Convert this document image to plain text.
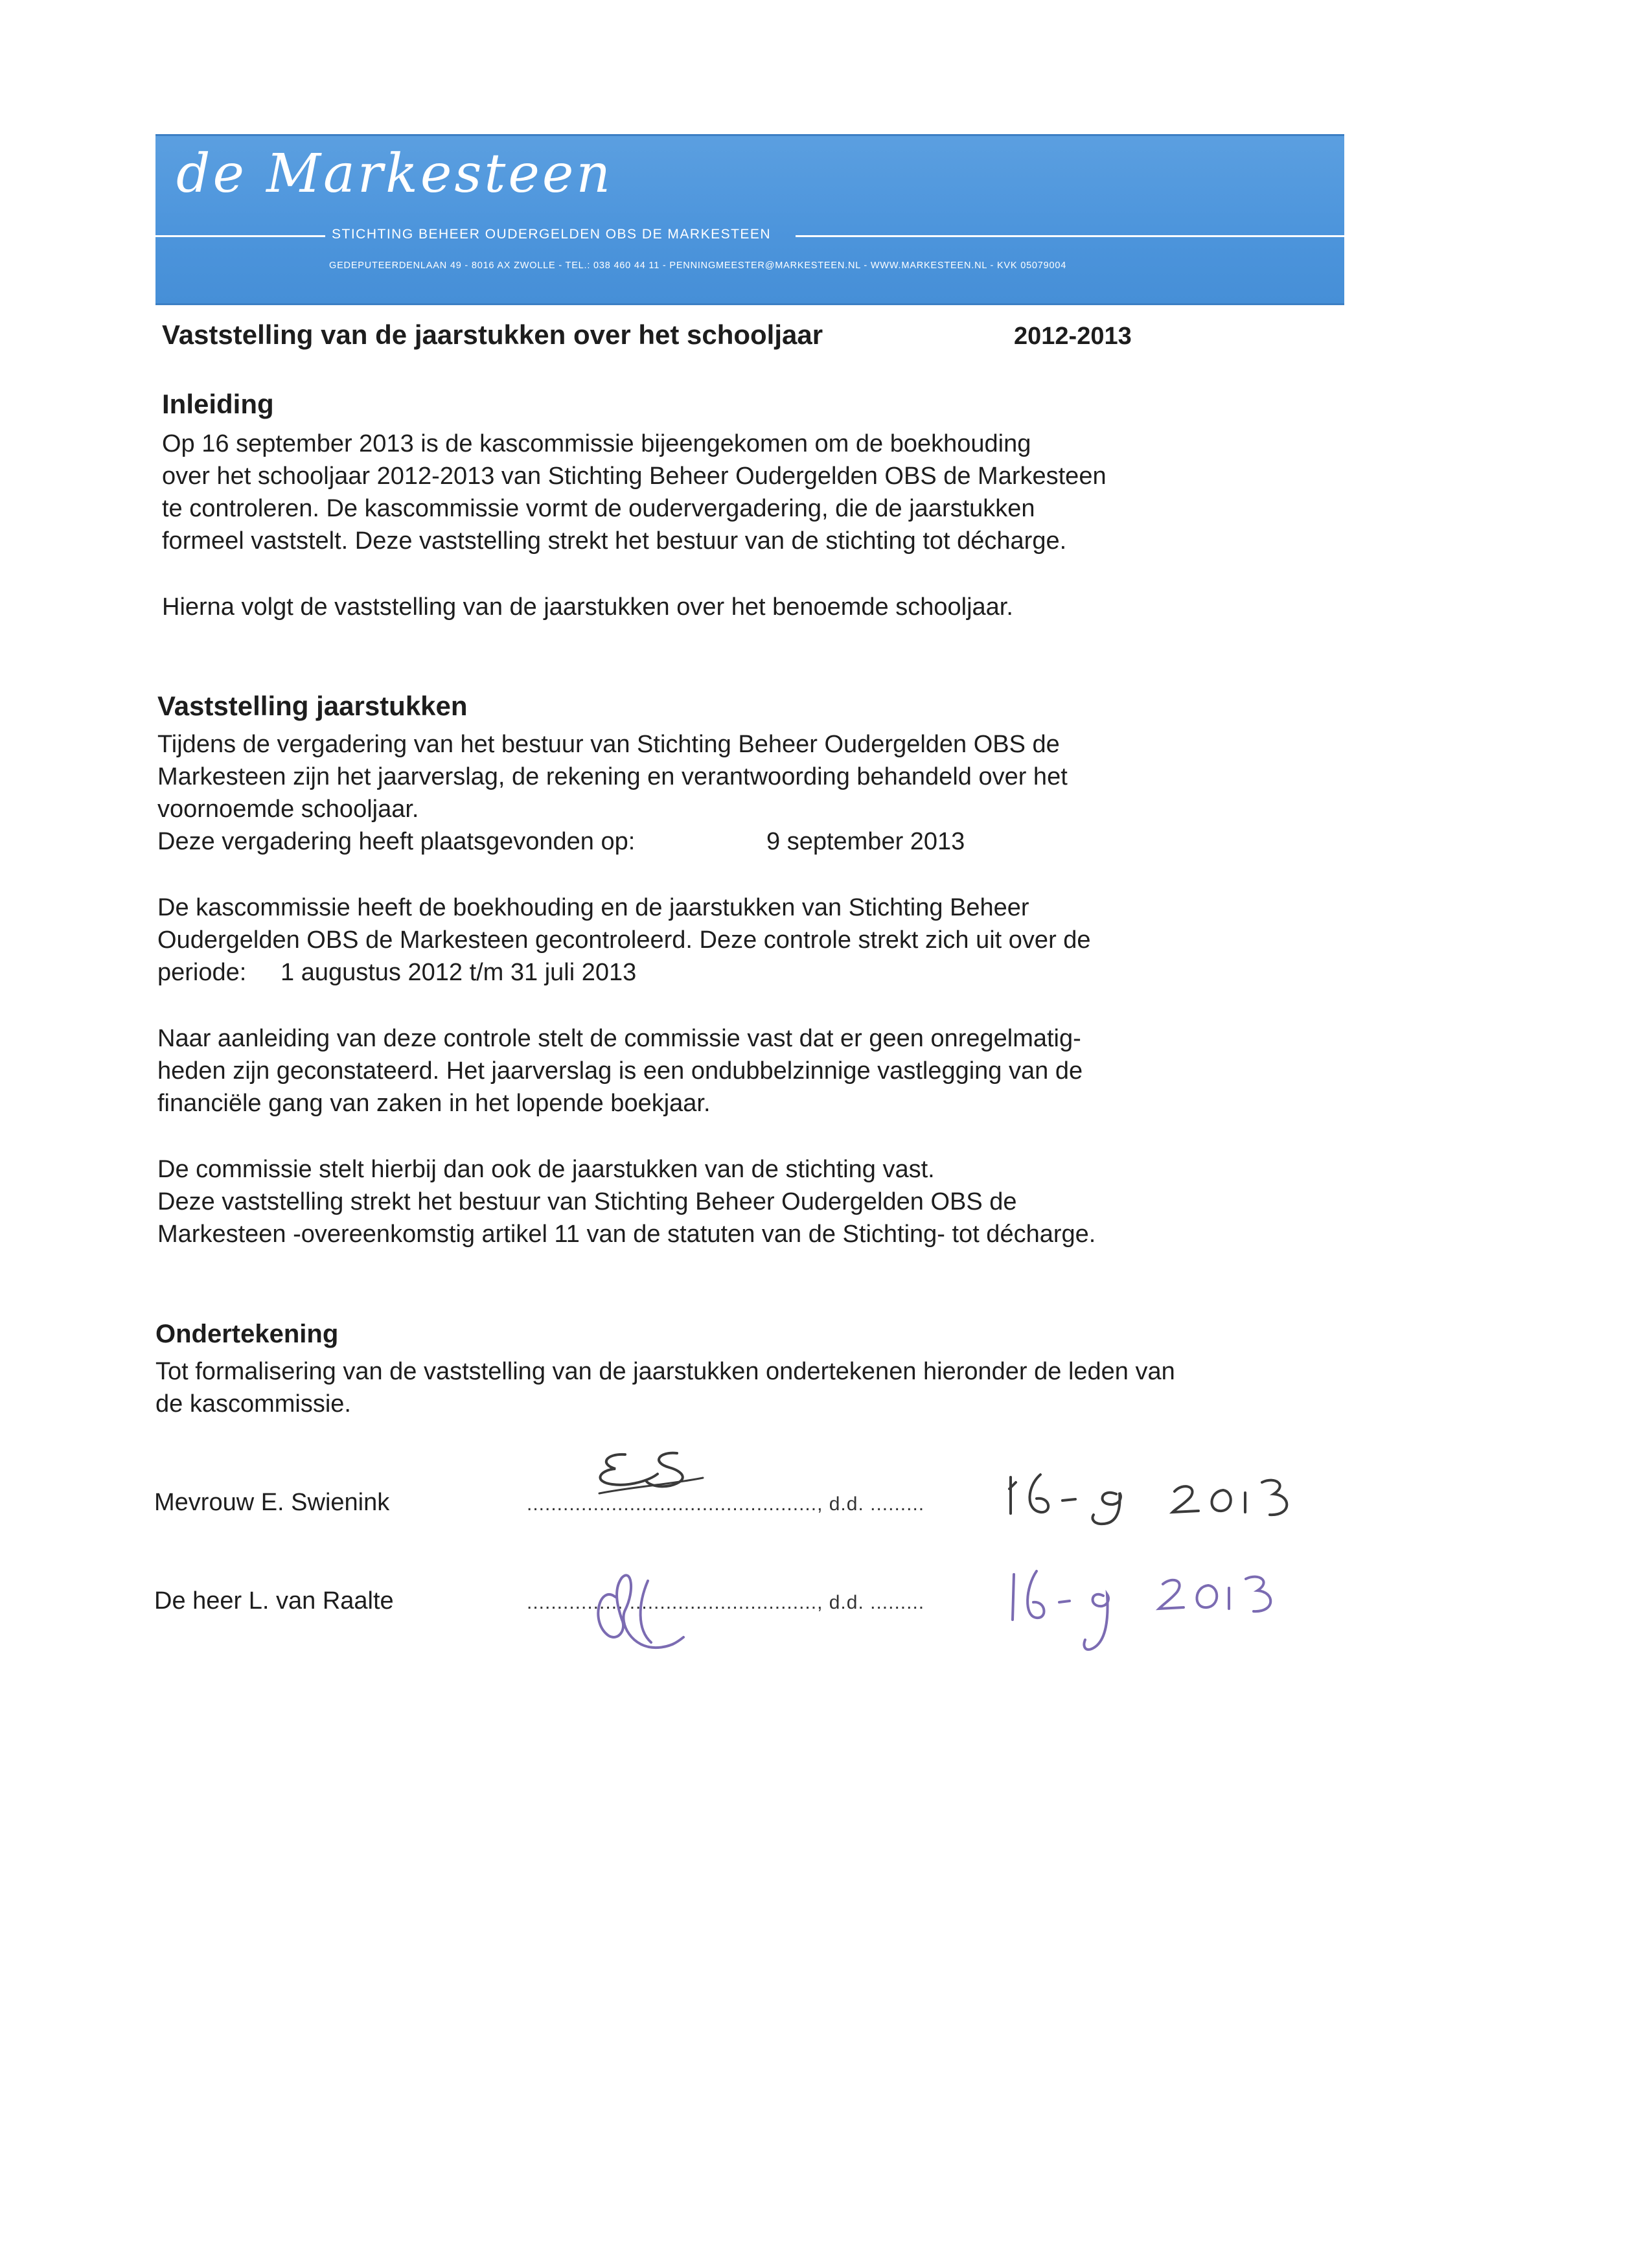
de Markesteen
STICHTING BEHEER OUDERGELDEN OBS DE MARKESTEEN
GEDEPUTEERDENLAAN 49 - 8016 AX ZWOLLE - TEL.: 038 460 44 11 - PENNINGMEESTER@MARKESTEEN.NL - WWW.MARKESTEEN.NL - KVK 05079004
Vaststelling van de jaarstukken over het schooljaar	2012-2013
Inleiding
Op 16 september 2013 is de kascommissie bijeengekomen om de boekhouding
over het schooljaar 2012-2013 van Stichting Beheer Oudergelden OBS de Markesteen
te controleren. De kascommissie vormt de oudervergadering, die de jaarstukken
formeel vaststelt. Deze vaststelling strekt het bestuur van de stichting tot décharge.
Hierna volgt de vaststelling van de jaarstukken over het benoemde schooljaar.
Vaststelling jaarstukken
Tijdens de vergadering van het bestuur van Stichting Beheer Oudergelden OBS de
Markesteen zijn het jaarverslag, de rekening en verantwoording behandeld over het
voornoemde schooljaar.
Deze vergadering heeft plaatsgevonden op:	9 september 2013
De kascommissie heeft de boekhouding en de jaarstukken van Stichting Beheer
Oudergelden OBS de Markesteen gecontroleerd. Deze controle strekt zich uit over de
periode: 1 augustus 2012 t/m 31 juli 2013
Naar aanleiding van deze controle stelt de commissie vast dat er geen onregelmatig-
heden zijn geconstateerd. Het jaarverslag is een ondubbelzinnige vastlegging van de
financiële gang van zaken in het lopende boekjaar.
De commissie stelt hierbij dan ook de jaarstukken van de stichting vast.
Deze vaststelling strekt het bestuur van Stichting Beheer Oudergelden OBS de
Markesteen -overeenkomstig artikel 11 van de statuten van de Stichting- tot décharge.
Ondertekening
Tot formalisering van de vaststelling van de jaarstukken ondertekenen hieronder de leden van
de kascommissie.
Mevrouw E. Swienink	................................................, d.d. .........
De heer L. van Raalte	................................................, d.d. .........
